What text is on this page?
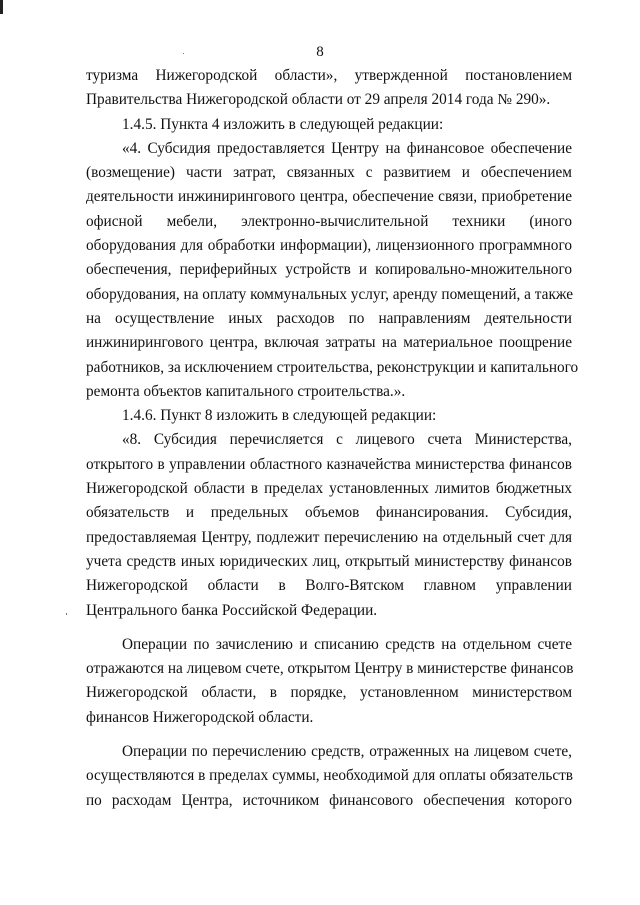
8

туризма Нижегородской области», утвержденной постановлением
Правительства Нижегородской области от 29 апреля 2014 года № 290».

1.4.5. Пункта 4 изложить в следующей редакции:

«4. Субсидия предоставляется Центру на финансовое обеспечение
(возмещение) части затрат, связанных с развитием и обеспечением
деятельности инжинирингового центра, обеспечение связи, приобретение
офисной мебели, электронно-вычислительной техники (иного
оборудования для обработки информации), лицензионного программного
обеспечения, периферийных устройств и копировально-множительного
оборудования, на оплату коммунальных услуг, аренду помещений, а также
на осуществление иных расходов по направлениям деятельности
инжинирингового центра, включая затраты на материальное поощрение
работников, за исключением строительства, реконструкции и капитального
ремонта объектов капитального строительства.».

1.4.6. Пункт 8 изложить в следующей редакции:

«8. Субсидия перечисляется с лицевого счета Министерства,
открытого в управлении областного казначейства министерства финансов
Нижегородской области в пределах установленных лимитов бюджетных
обязательств и предельных объемов финансирования. Субсидия,
предоставляемая Центру, подлежит перечислению на отдельный счет для
учета средств иных юридических лиц, открытый министерству финансов
Нижегородской области в Волго-Вятском главном управлении
Центрального банка Российской Федерации.

Операции по зачислению и списанию средств на отдельном счете
отражаются на лицевом счете, открытом Центру в министерстве финансов
Нижегородской области, в порядке, установленном министерством
финансов Нижегородской области.

Операции по перечислению средств, отраженных на лицевом счете,
осуществляются в пределах суммы, необходимой для оплаты обязательств
по расходам Центра, источником финансового обеспечения которого
